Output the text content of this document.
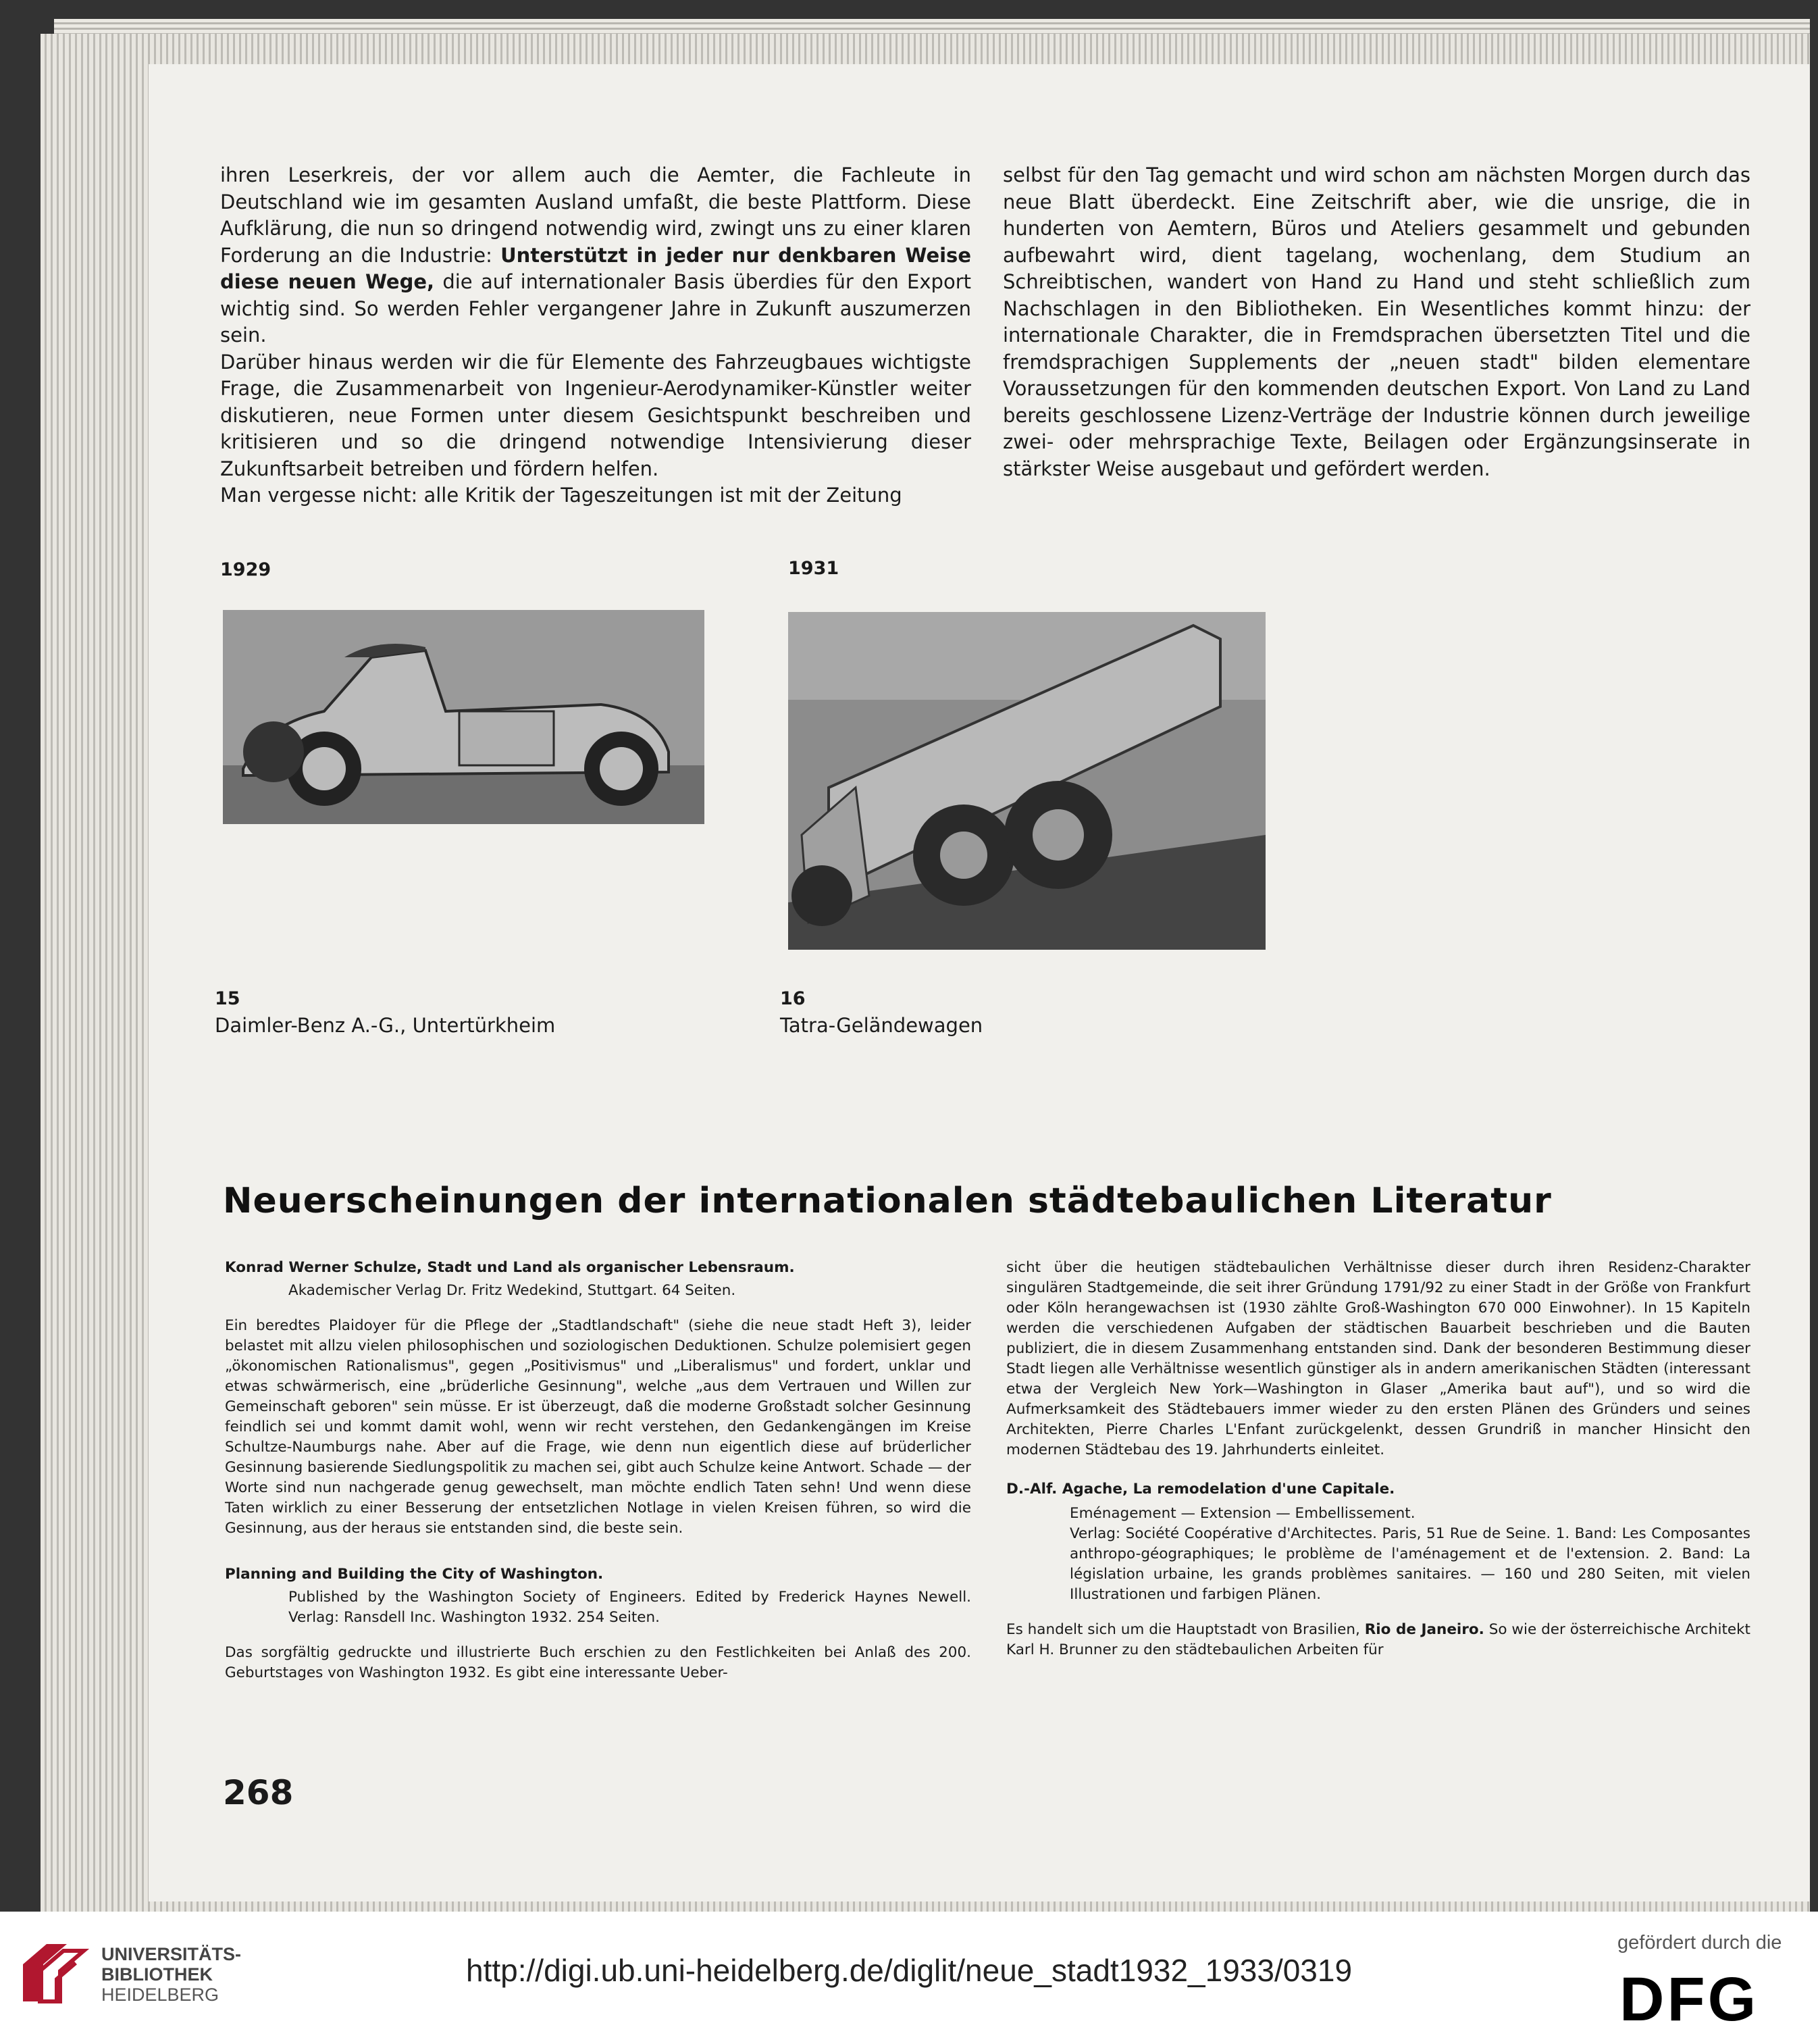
ihren Leserkreis, der vor allem auch die Aemter, die Fachleute in Deutschland wie im gesamten Ausland umfaßt, die beste Plattform. Diese Aufklärung, die nun so dringend notwendig wird, zwingt uns zu einer klaren Forderung an die Industrie: Unterstützt in jeder nur denkbaren Weise diese neuen Wege, die auf internationaler Basis überdies für den Export wichtig sind. So werden Fehler vergangener Jahre in Zukunft auszumerzen sein.

Darüber hinaus werden wir die für Elemente des Fahrzeugbaues wichtigste Frage, die Zusammenarbeit von Ingenieur-Aerodynamiker-Künstler weiter diskutieren, neue Formen unter diesem Gesichtspunkt beschreiben und kritisieren und so die dringend notwendige Intensivierung dieser Zukunftsarbeit betreiben und fördern helfen.

Man vergesse nicht: alle Kritik der Tageszeitungen ist mit der Zeitung

selbst für den Tag gemacht und wird schon am nächsten Morgen durch das neue Blatt überdeckt. Eine Zeitschrift aber, wie die unsrige, die in hunderten von Aemtern, Büros und Ateliers gesammelt und gebunden aufbewahrt wird, dient tagelang, wochenlang, dem Studium an Schreibtischen, wandert von Hand zu Hand und steht schließlich zum Nachschlagen in den Bibliotheken. Ein Wesentliches kommt hinzu: der internationale Charakter, die in Fremdsprachen übersetzten Titel und die fremdsprachigen Supplements der „neuen stadt" bilden elementare Voraussetzungen für den kommenden deutschen Export. Von Land zu Land bereits geschlossene Lizenz-Verträge der Industrie können durch jeweilige zwei- oder mehrsprachige Texte, Beilagen oder Ergänzungsinserate in stärkster Weise ausgebaut und gefördert werden.

1929	1931
15
Daimler-Benz A.-G., Untertürkheim
16
Tatra-Geländewagen
Neuerscheinungen der internationalen städtebaulichen Literatur

Konrad Werner Schulze, Stadt und Land als organischer Lebensraum.

Akademischer Verlag Dr. Fritz Wedekind, Stuttgart. 64 Seiten.

Ein beredtes Plaidoyer für die Pflege der „Stadtlandschaft" (siehe die neue stadt Heft 3), leider belastet mit allzu vielen philosophischen und soziologischen Deduktionen. Schulze polemisiert gegen „ökonomischen Rationalismus", gegen „Positivismus" und „Liberalismus" und fordert, unklar und etwas schwärmerisch, eine „brüderliche Gesinnung", welche „aus dem Vertrauen und Willen zur Gemeinschaft geboren" sein müsse. Er ist überzeugt, daß die moderne Großstadt solcher Gesinnung feindlich sei und kommt damit wohl, wenn wir recht verstehen, den Gedankengängen im Kreise Schultze-Naumburgs nahe. Aber auf die Frage, wie denn nun eigentlich diese auf brüderlicher Gesinnung basierende Siedlungspolitik zu machen sei, gibt auch Schulze keine Antwort. Schade — der Worte sind nun nachgerade genug gewechselt, man möchte endlich Taten sehn! Und wenn diese Taten wirklich zu einer Besserung der entsetzlichen Notlage in vielen Kreisen führen, so wird die Gesinnung, aus der heraus sie entstanden sind, die beste sein.

Planning and Building the City of Washington.

Published by the Washington Society of Engineers. Edited by Frederick Haynes Newell. Verlag: Ransdell Inc. Washington 1932. 254 Seiten.

Das sorgfältig gedruckte und illustrierte Buch erschien zu den Festlichkeiten bei Anlaß des 200. Geburtstages von Washington 1932. Es gibt eine interessante Ueber-

sicht über die heutigen städtebaulichen Verhältnisse dieser durch ihren Residenz-Charakter singulären Stadtgemeinde, die seit ihrer Gründung 1791/92 zu einer Stadt in der Größe von Frankfurt oder Köln herangewachsen ist (1930 zählte Groß-Washington 670 000 Einwohner). In 15 Kapiteln werden die verschiedenen Aufgaben der städtischen Bauarbeit beschrieben und die Bauten publiziert, die in diesem Zusammenhang entstanden sind. Dank der besonderen Bestimmung dieser Stadt liegen alle Verhältnisse wesentlich günstiger als in andern amerikanischen Städten (interessant etwa der Vergleich New York—Washington in Glaser „Amerika baut auf"), und so wird die Aufmerksamkeit des Städtebauers immer wieder zu den ersten Plänen des Gründers und seines Architekten, Pierre Charles L'Enfant zurückgelenkt, dessen Grundriß in mancher Hinsicht den modernen Städtebau des 19. Jahrhunderts einleitet.

D.-Alf. Agache, La remodelation d'une Capitale.

Eménagement — Extension — Embellissement.

Verlag: Société Coopérative d'Architectes. Paris, 51 Rue de Seine. 1. Band: Les Composantes anthropo-géographiques; le problème de l'aménagement et de l'extension. 2. Band: La législation urbaine, les grands problèmes sanitaires. — 160 und 280 Seiten, mit vielen Illustrationen und farbigen Plänen.

Es handelt sich um die Hauptstadt von Brasilien, Rio de Janeiro. So wie der österreichische Architekt Karl H. Brunner zu den städtebaulichen Arbeiten für

268
UNIVERSITÄTS-
BIBLIOTHEK
HEIDELBERG
http://digi.ub.uni-heidelberg.de/diglit/neue_stadt1932_1933/0319
gefördert durch die
DFG
